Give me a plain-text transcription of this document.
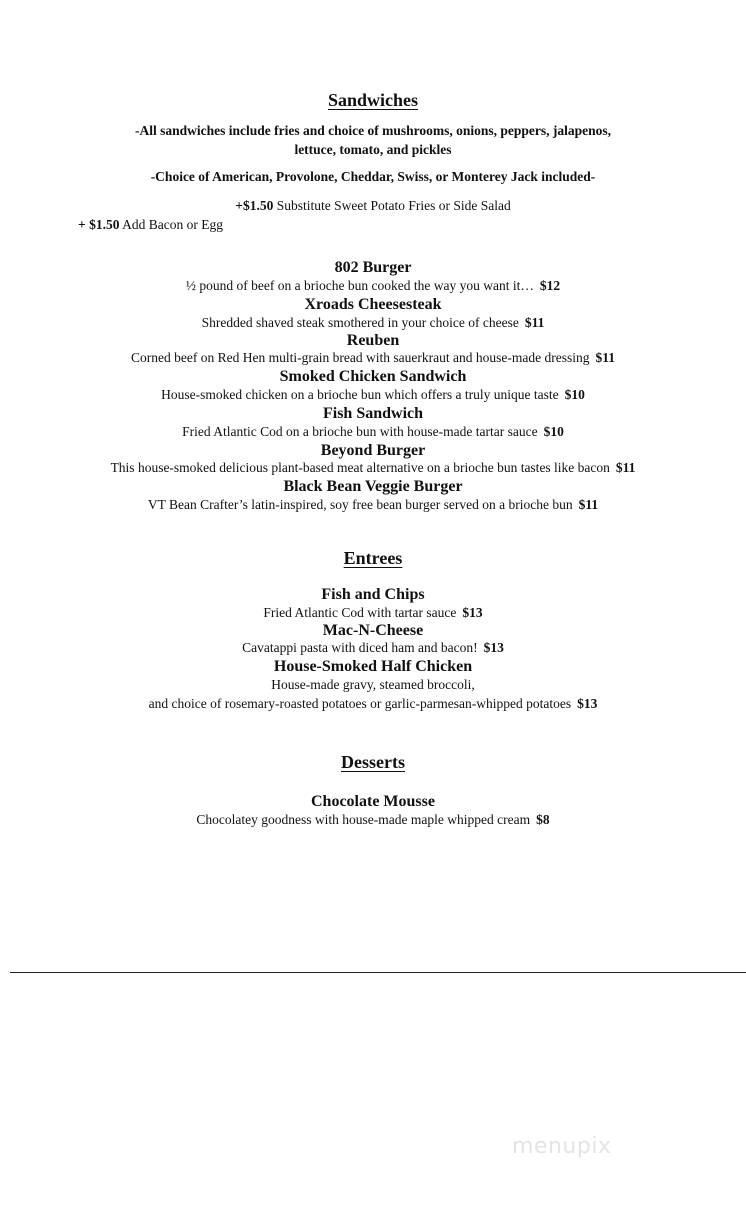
Sandwiches
-All sandwiches include fries and choice of mushrooms, onions, peppers, jalapenos,
lettuce, tomato, and pickles
-Choice of American, Provolone, Cheddar, Swiss, or Monterey Jack included-
+$1.50 Substitute Sweet Potato Fries or Side Salad
+ $1.50 Add Bacon or Egg
802 Burger
½ pound of beef on a brioche bun cooked the way you want it… $12
Xroads Cheesesteak
Shredded shaved steak smothered in your choice of cheese $11
Reuben
Corned beef on Red Hen multi-grain bread with sauerkraut and house-made dressing $11
Smoked Chicken Sandwich
House-smoked chicken on a brioche bun which offers a truly unique taste $10
Fish Sandwich
Fried Atlantic Cod on a brioche bun with house-made tartar sauce $10
Beyond Burger
This house-smoked delicious plant-based meat alternative on a brioche bun tastes like bacon $11
Black Bean Veggie Burger
VT Bean Crafter’s latin-inspired, soy free bean burger served on a brioche bun $11
Entrees
Fish and Chips
Fried Atlantic Cod with tartar sauce $13
Mac-N-Cheese
Cavatappi pasta with diced ham and bacon! $13
House-Smoked Half Chicken
House-made gravy, steamed broccoli,
and choice of rosemary-roasted potatoes or garlic-parmesan-whipped potatoes $13
Desserts
Chocolate Mousse
Chocolatey goodness with house-made maple whipped cream $8
menupix
